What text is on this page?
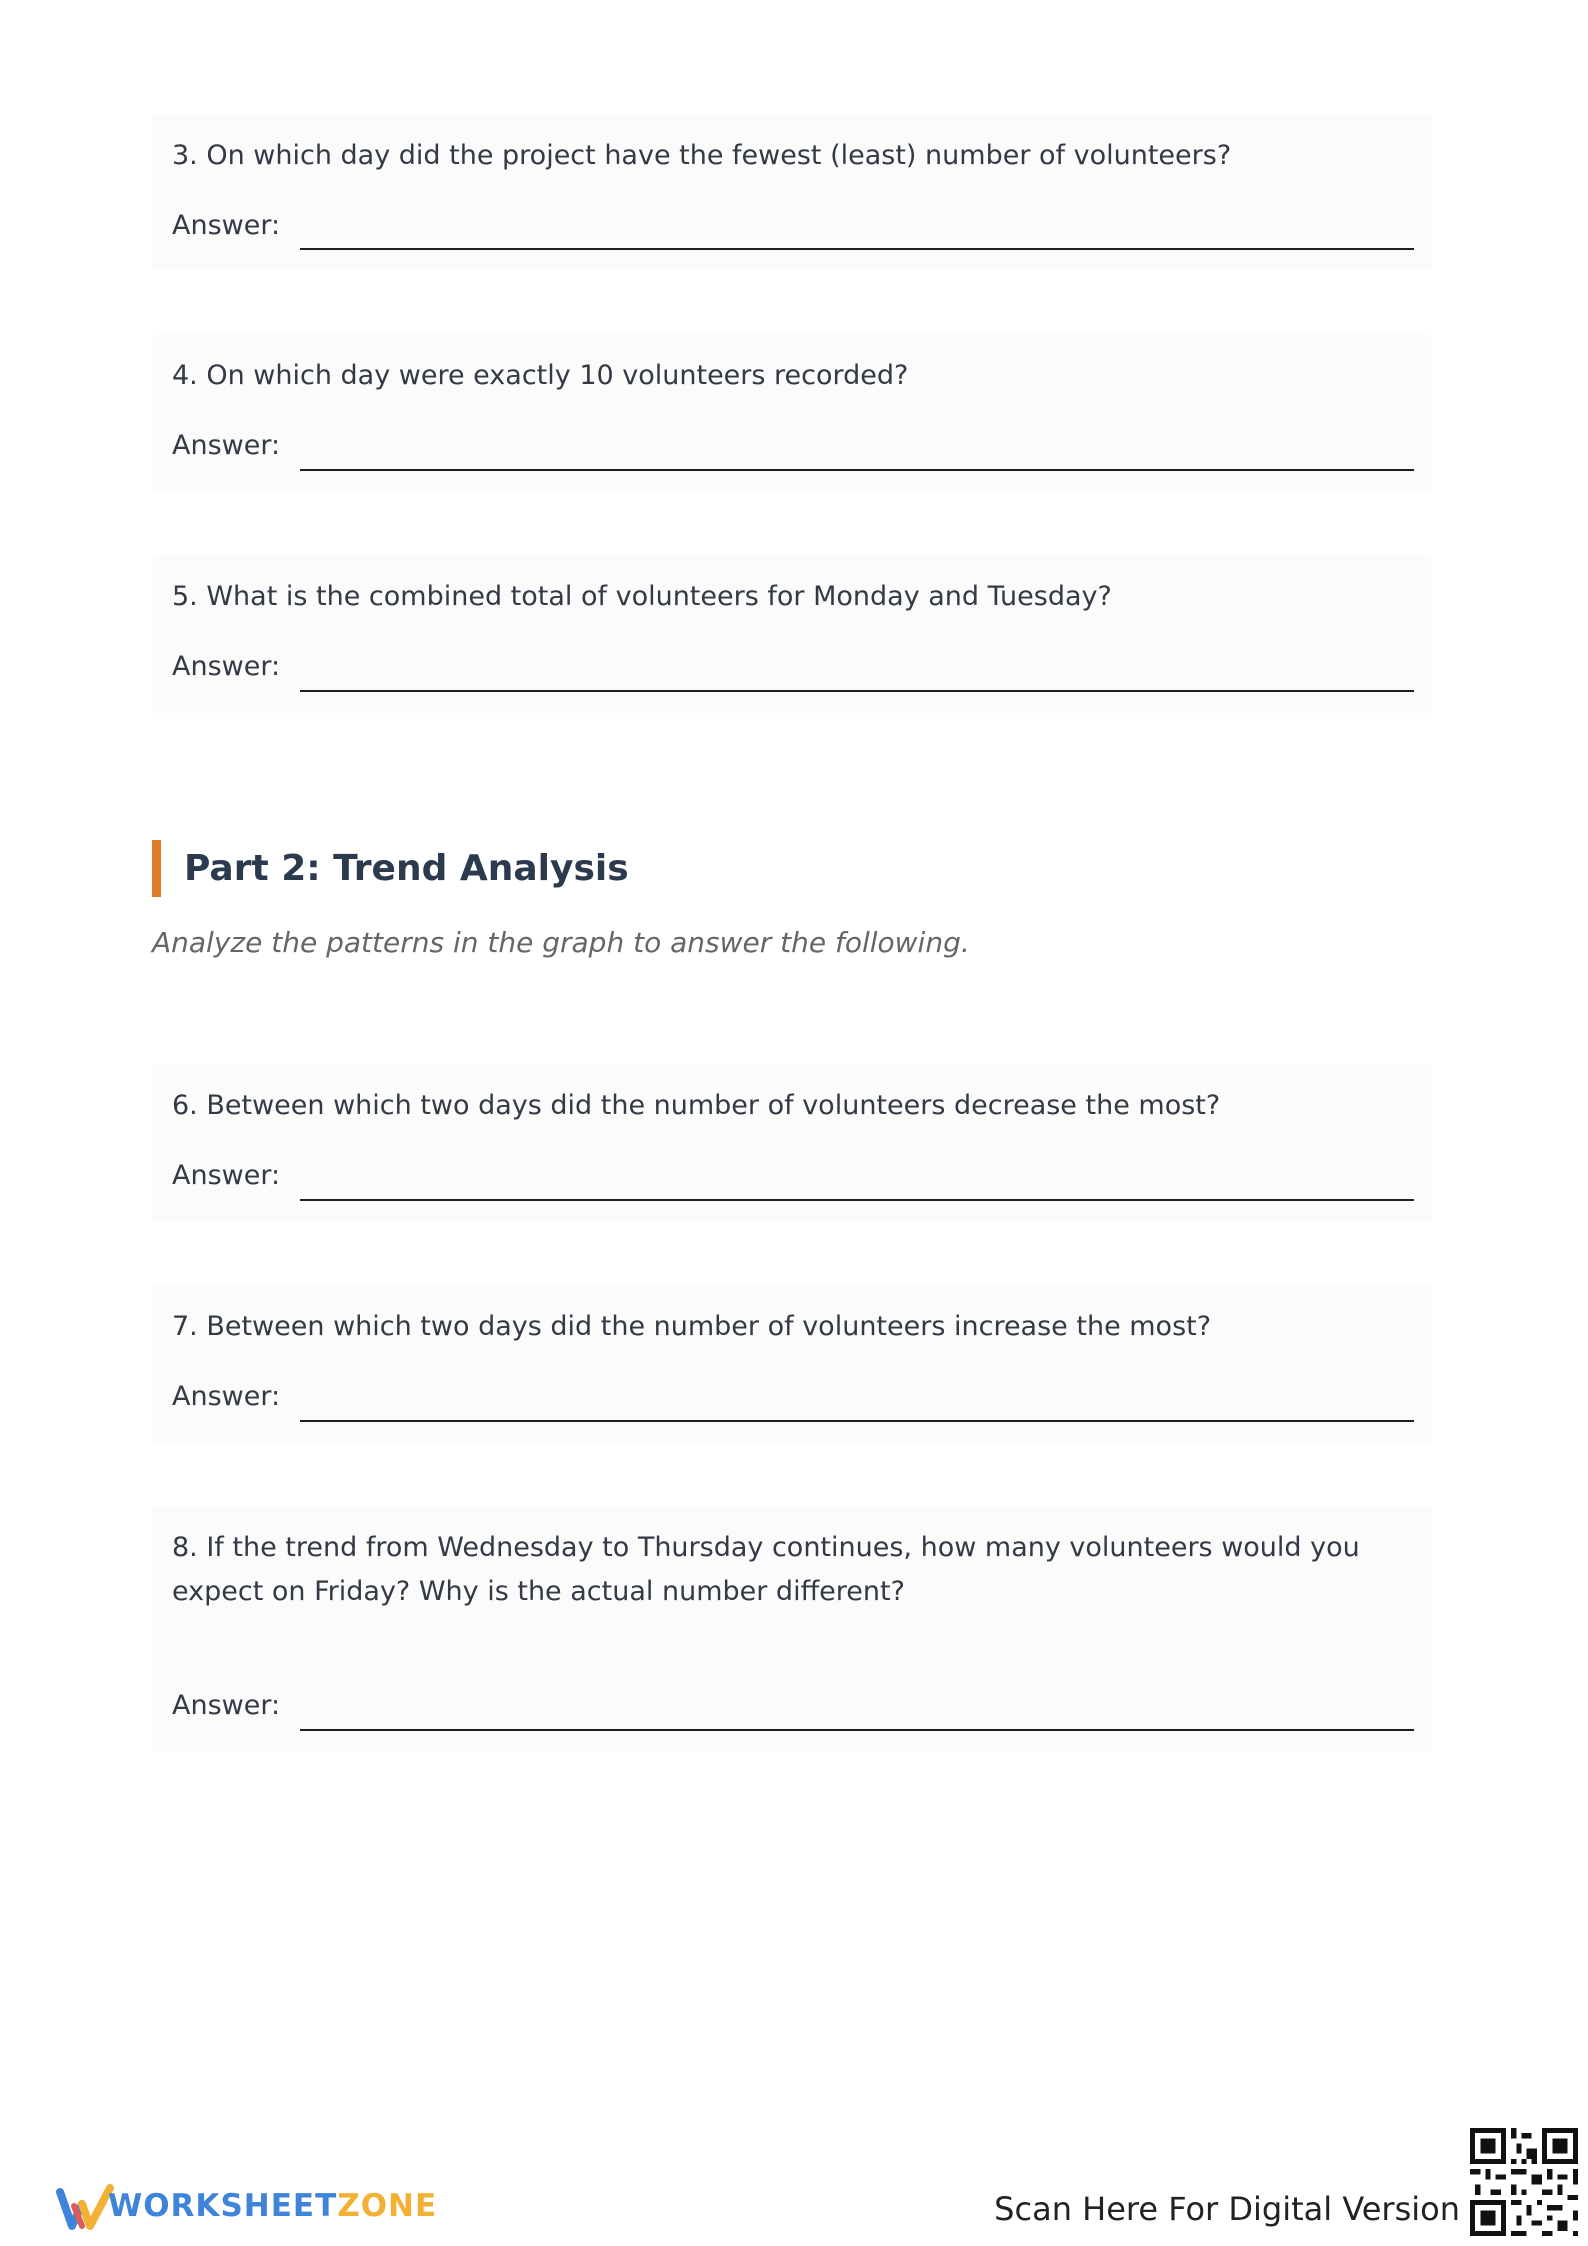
3. On which day did the project have the fewest (least) number of volunteers?
Answer:
4. On which day were exactly 10 volunteers recorded?
Answer:
5. What is the combined total of volunteers for Monday and Tuesday?
Answer:
Part 2: Trend Analysis
Analyze the patterns in the graph to answer the following.
6. Between which two days did the number of volunteers decrease the most?
Answer:
7. Between which two days did the number of volunteers increase the most?
Answer:
8. If the trend from Wednesday to Thursday continues, how many volunteers would you expect on Friday? Why is the actual number different?
Answer:
WORKSHEETZONE	Scan Here For Digital Version
